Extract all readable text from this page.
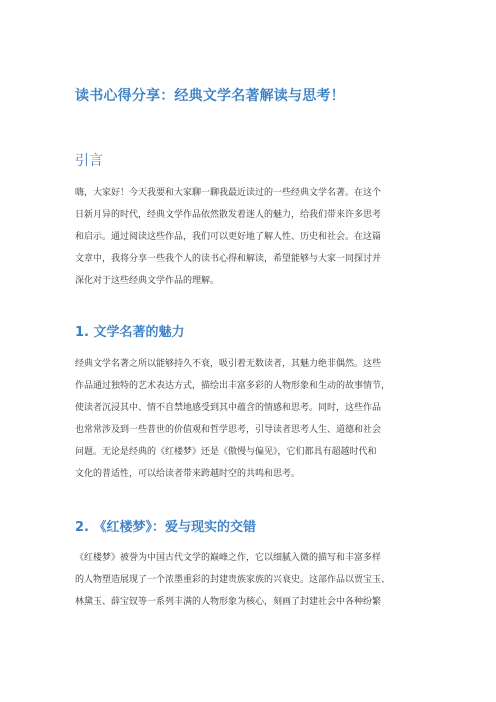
读书心得分享：经典文学名著解读与思考！
引言
嗨，大家好！今天我要和大家聊一聊我最近读过的一些经典文学名著。在这个
日新月异的时代，经典文学作品依然散发着迷人的魅力，给我们带来许多思考
和启示。通过阅读这些作品，我们可以更好地了解人性、历史和社会。在这篇
文章中，我将分享一些我个人的读书心得和解读，希望能够与大家一同探讨并
深化对于这些经典文学作品的理解。
1. 文学名著的魅力
经典文学名著之所以能够持久不衰，吸引着无数读者，其魅力绝非偶然。这些
作品通过独特的艺术表达方式，描绘出丰富多彩的人物形象和生动的故事情节，
使读者沉浸其中、情不自禁地感受到其中蕴含的情感和思考。同时，这些作品
也常常涉及到一些普世的价值观和哲学思考，引导读者思考人生、道德和社会
问题。无论是经典的《红楼梦》还是《傲慢与偏见》，它们都具有超越时代和
文化的普适性，可以给读者带来跨越时空的共鸣和思考。
2. 《红楼梦》：爱与现实的交错
《红楼梦》被誉为中国古代文学的巅峰之作，它以细腻入微的描写和丰富多样
的人物塑造展现了一个浓墨重彩的封建贵族家族的兴衰史。这部作品以贾宝玉、
林黛玉、薛宝钗等一系列丰满的人物形象为核心，刻画了封建社会中各种纷繁
